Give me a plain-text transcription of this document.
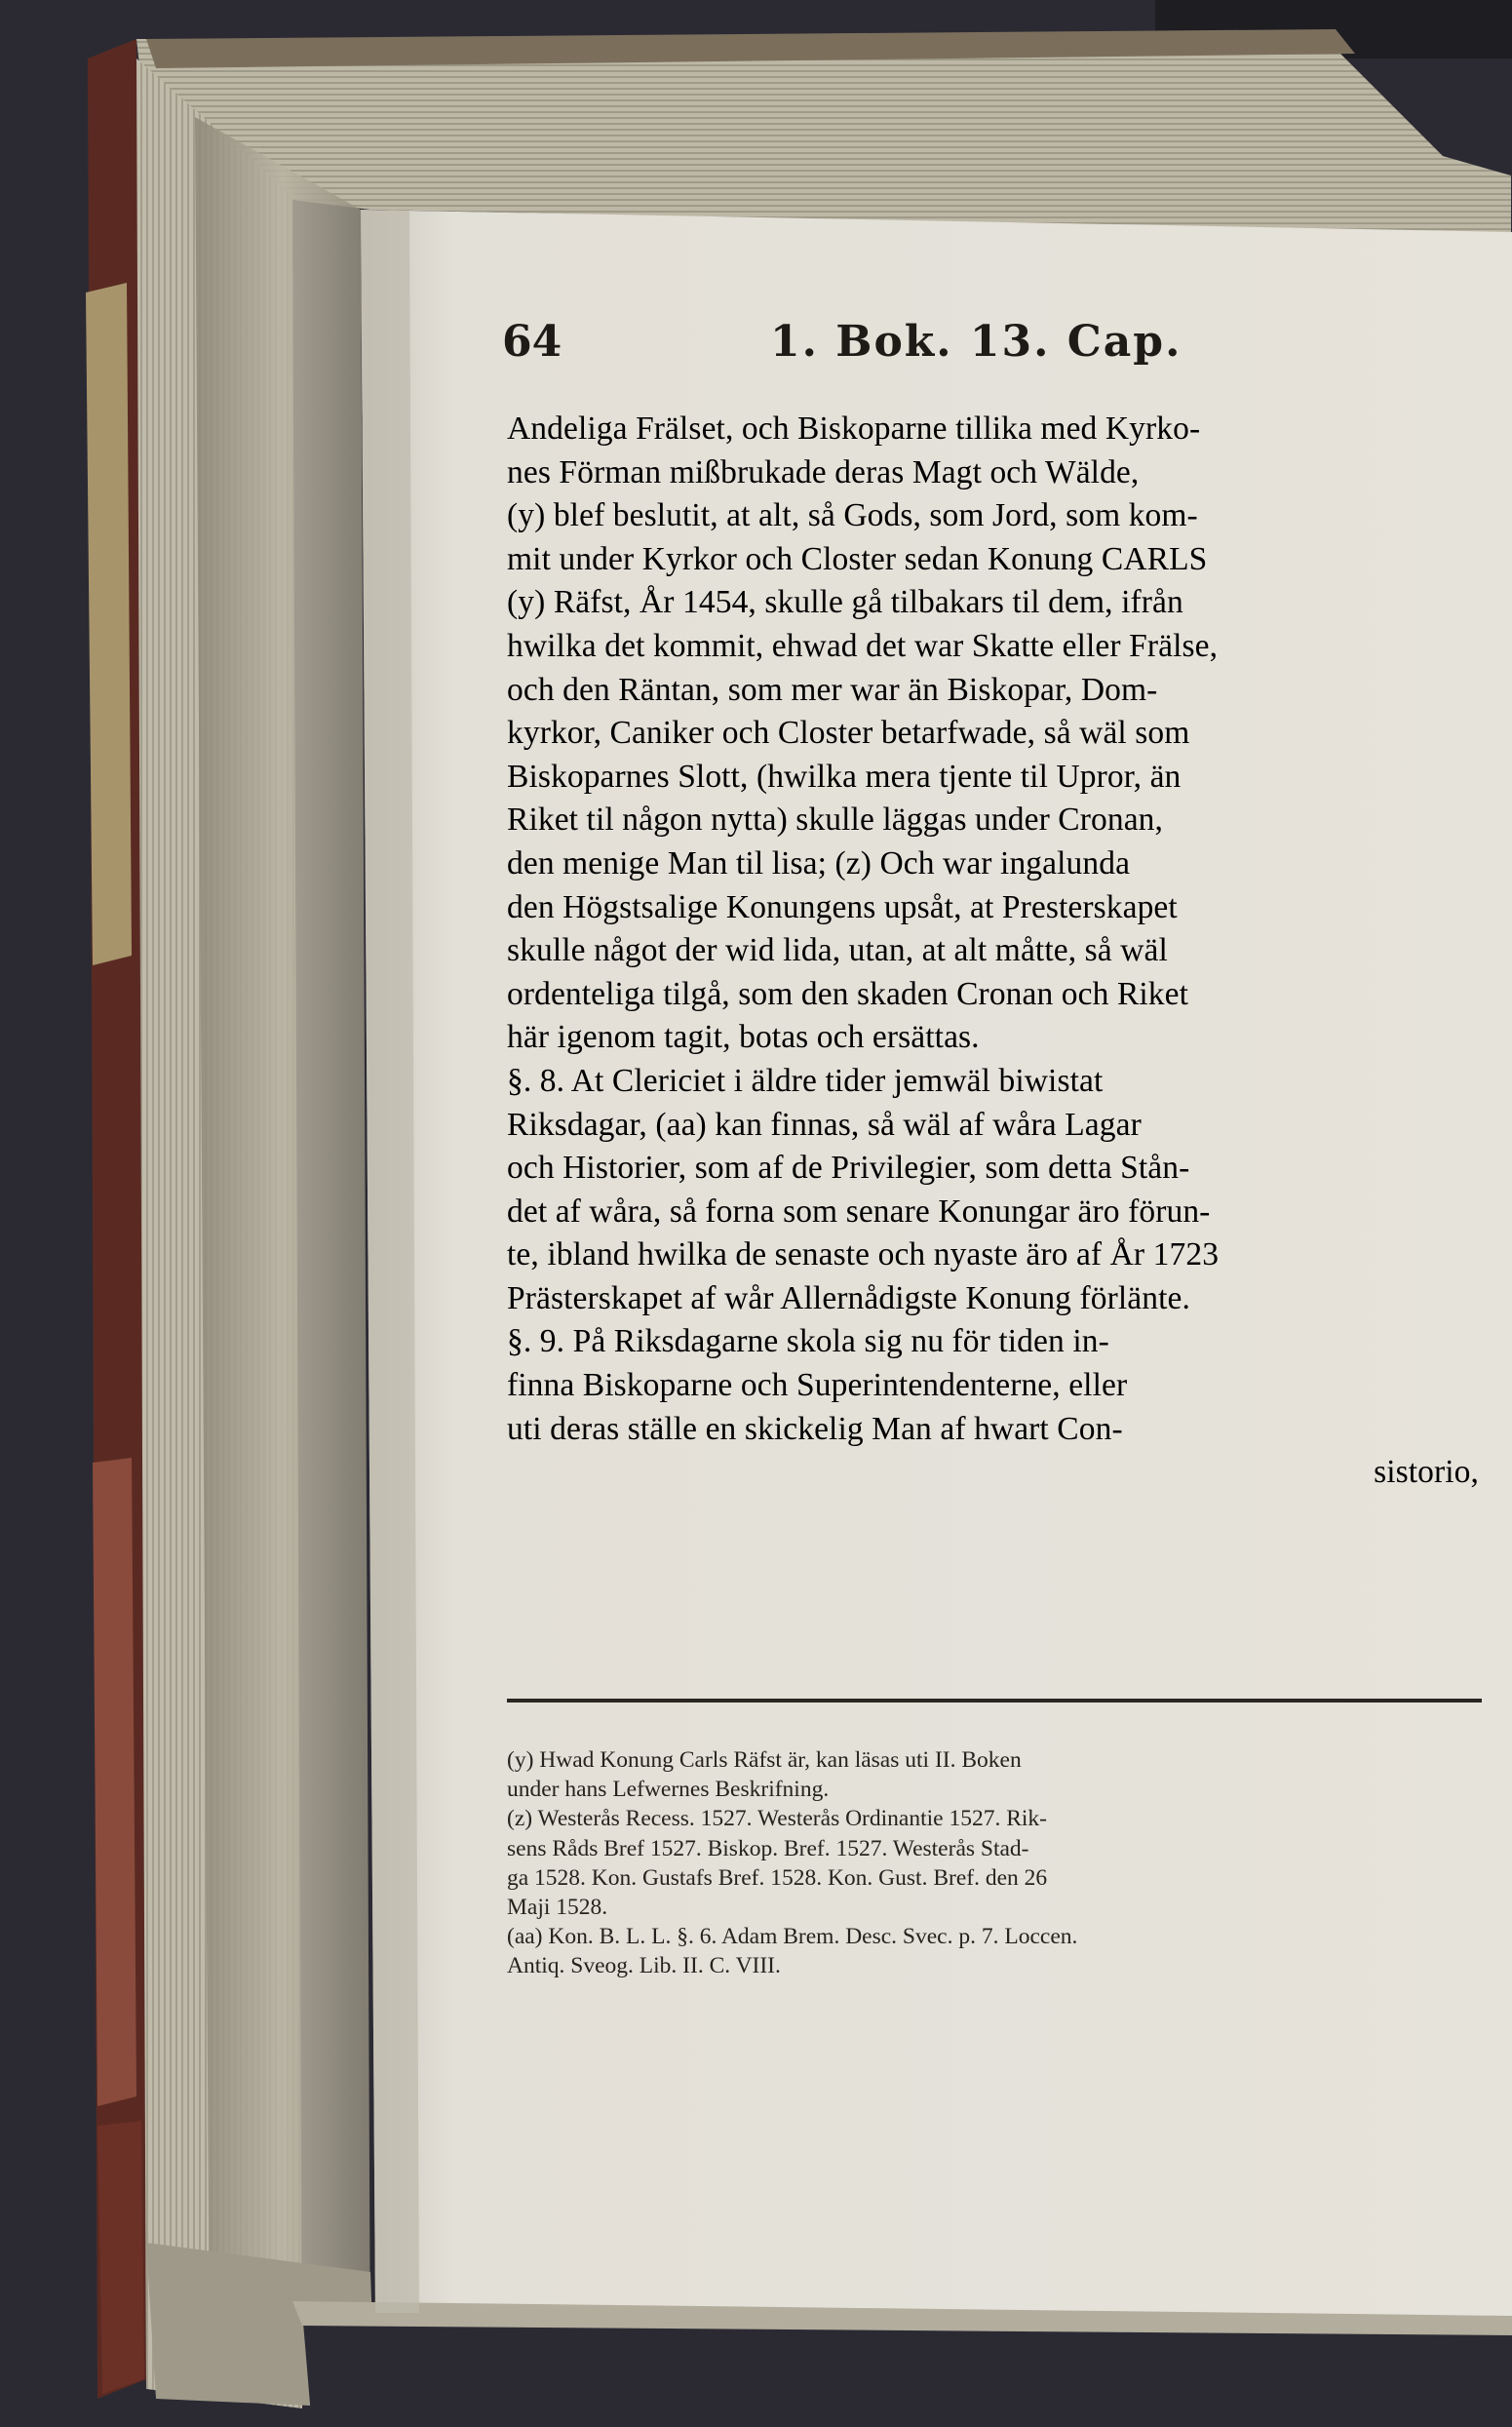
64	1. Bok. 13. Cap.
Andeliga Frälset, och Biskoparne tillika med Kyrko-
nes Förman mißbrukade deras Magt och Wälde,
(y) blef beslutit, at alt, så Gods, som Jord, som kom-
mit under Kyrkor och Closter sedan Konung CARLS
(y) Räfst, År 1454, skulle gå tilbakars til dem, ifrån
hwilka det kommit, ehwad det war Skatte eller Frälse,
och den Räntan, som mer war än Biskopar, Dom-
kyrkor, Caniker och Closter betarfwade, så wäl som
Biskoparnes Slott, (hwilka mera tjente til Upror, än
Riket til någon nytta) skulle läggas under Cronan,
den menige Man til lisa; (z) Och war ingalunda
den Högstsalige Konungens upsåt, at Presterskapet
skulle något der wid lida, utan, at alt måtte, så wäl
ordenteliga tilgå, som den skaden Cronan och Riket
här igenom tagit, botas och ersättas.
§. 8. At Clericiet i äldre tider jemwäl biwistat
Riksdagar, (aa) kan finnas, så wäl af wåra Lagar
och Historier, som af de Privilegier, som detta Stån-
det af wåra, så forna som senare Konungar äro förun-
te, ibland hwilka de senaste och nyaste äro af År 1723
Prästerskapet af wår Allernådigste Konung förlänte.
§. 9. På Riksdagarne skola sig nu för tiden in-
finna Biskoparne och Superintendenterne, eller
uti deras ställe en skickelig Man af hwart Con-
sistorio,
(y) Hwad Konung Carls Räfst är, kan läsas uti II. Boken
under hans Lefwernes Beskrifning.
(z) Westerås Recess. 1527. Westerås Ordinantie 1527. Rik-
sens Råds Bref 1527. Biskop. Bref. 1527. Westerås Stad-
ga 1528. Kon. Gustafs Bref. 1528. Kon. Gust. Bref. den 26
Maji 1528.
(aa) Kon. B. L. L. §. 6. Adam Brem. Desc. Svec. p. 7. Loccen.
Antiq. Sveog. Lib. II. C. VIII.
